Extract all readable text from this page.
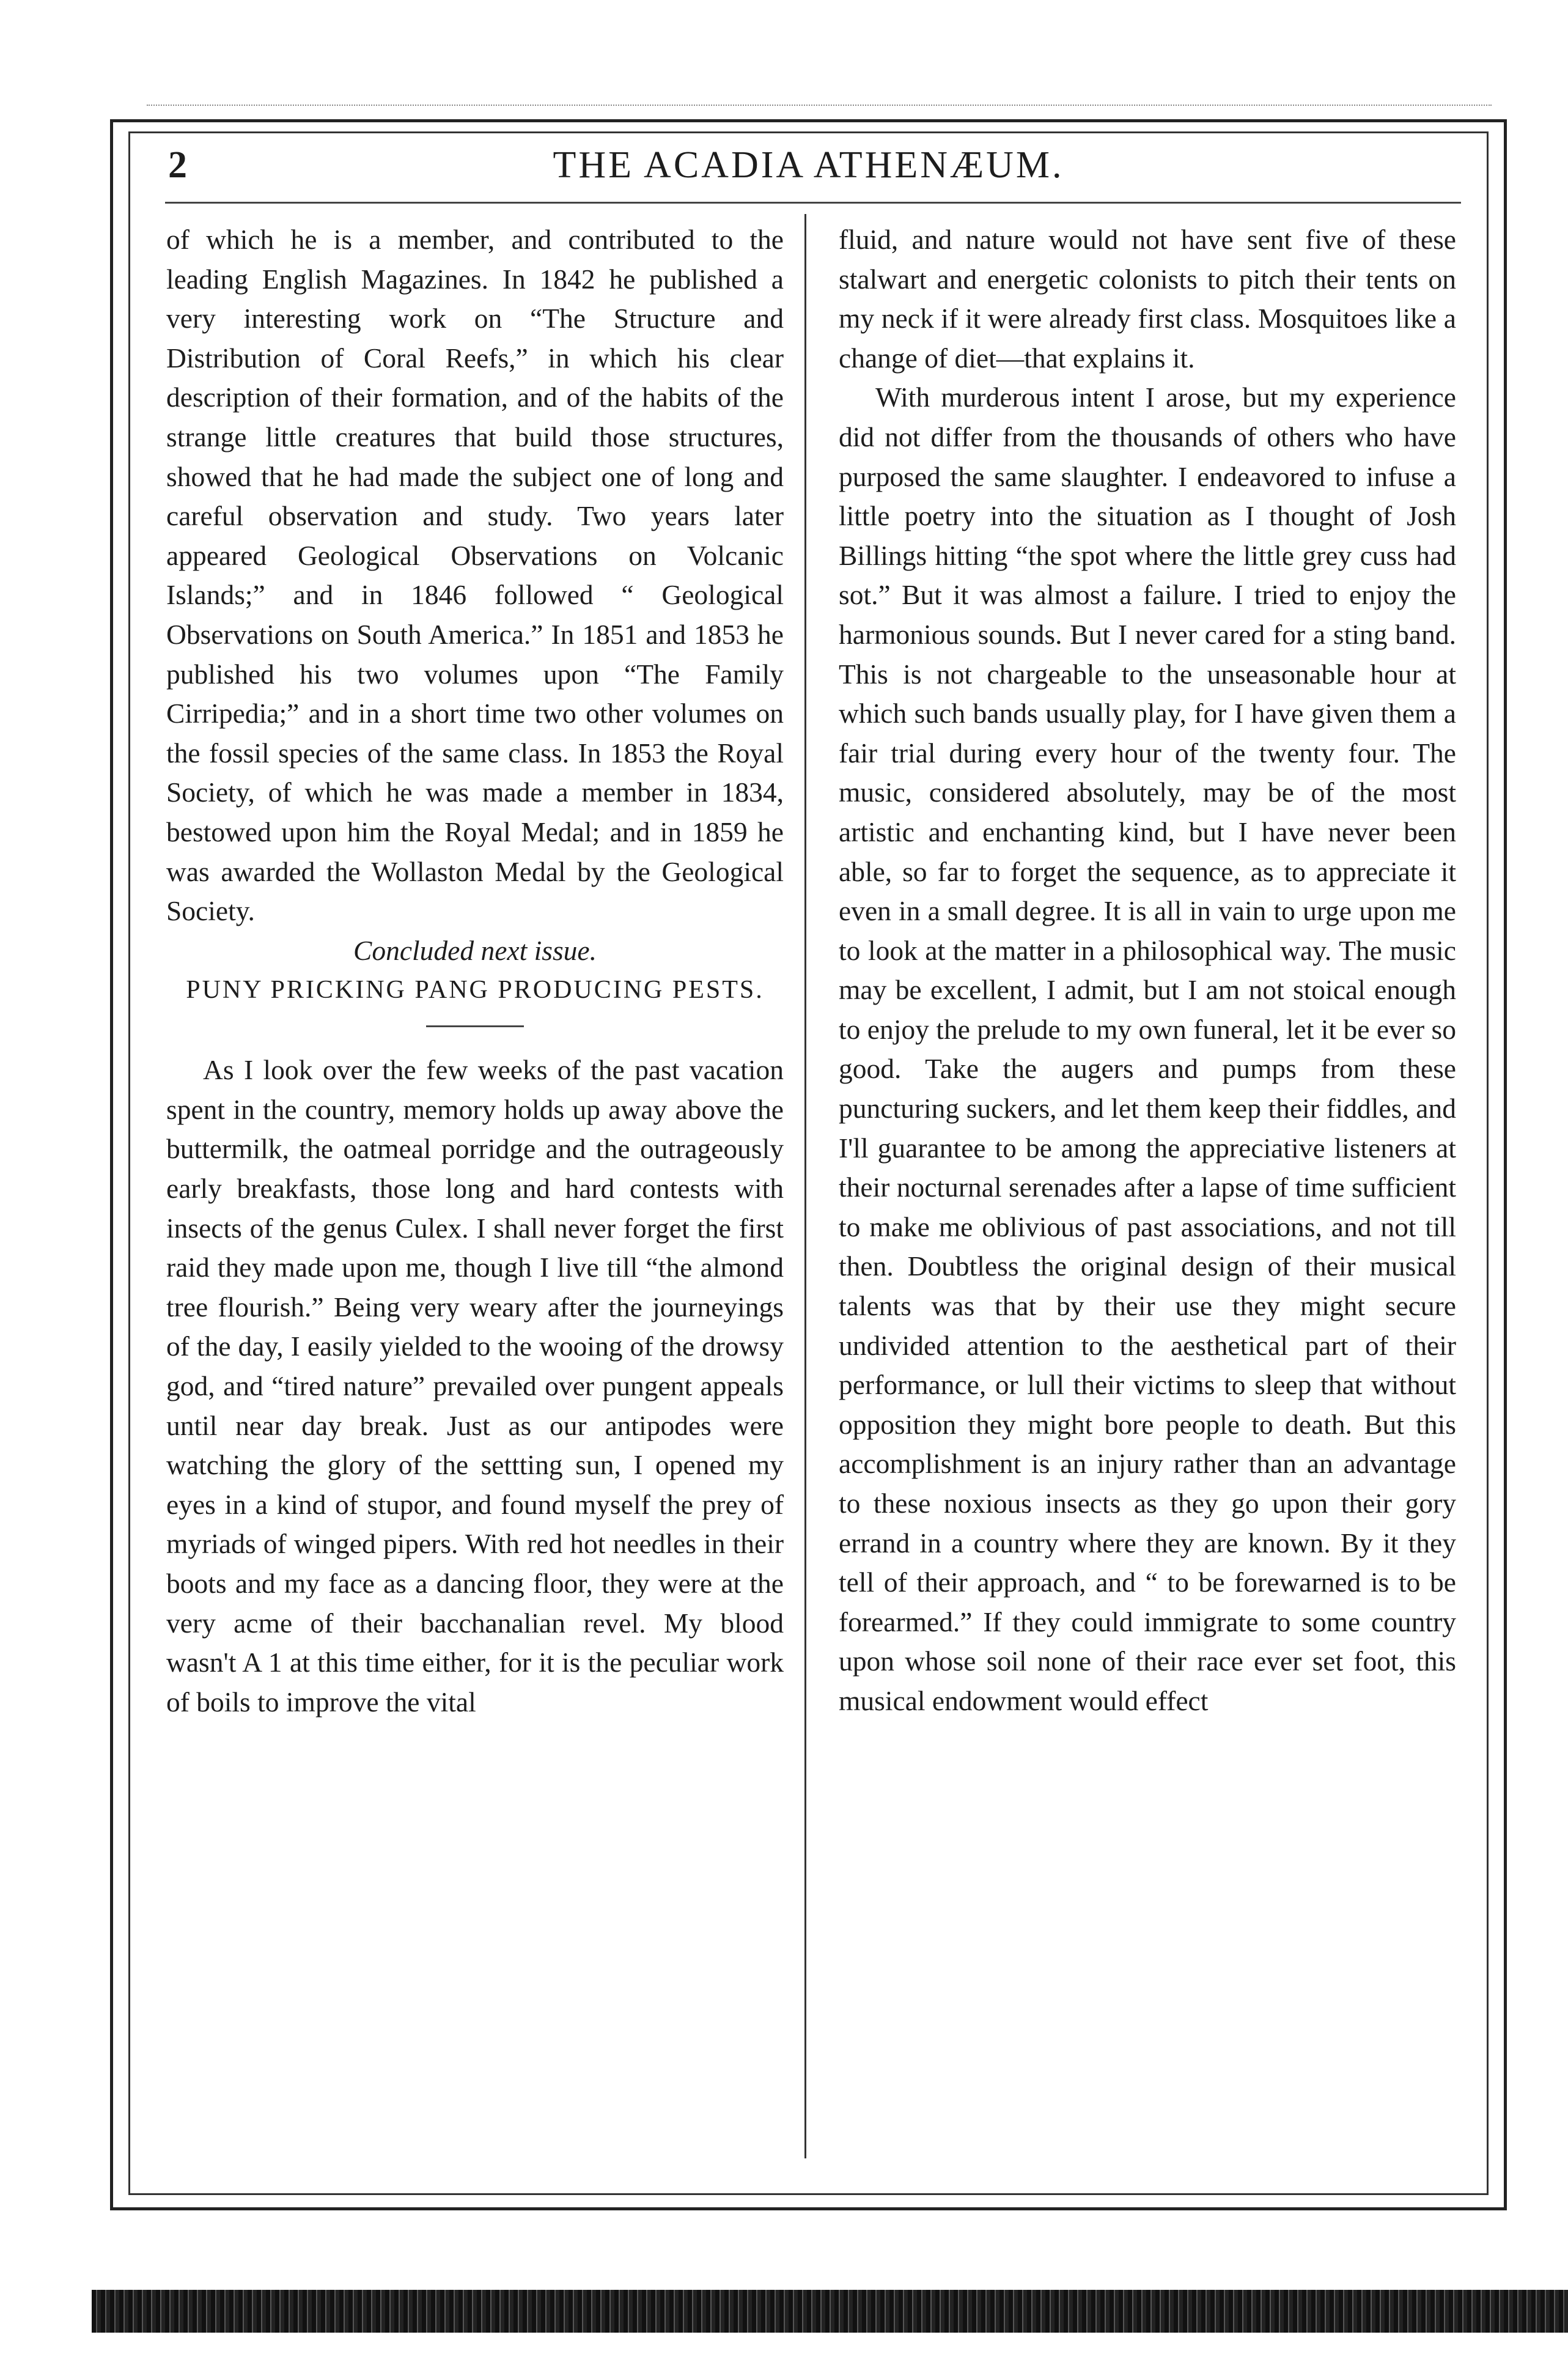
2	THE ACADIA ATHENÆUM.

of which he is a member, and contributed to the leading English Magazines. In 1842 he published a very interesting work on “The Structure and Distribution of Coral Reefs,” in which his clear description of their formation, and of the habits of the strange little creatures that build those structures, showed that he had made the subject one of long and careful observation and study. Two years later appeared Geological Observations on Volcanic Islands;” and in 1846 followed “ Geological Observations on South America.” In 1851 and 1853 he published his two volumes upon “The Family Cirripedia;” and in a short time two other volumes on the fossil species of the same class. In 1853 the Royal Society, of which he was made a member in 1834, bestowed upon him the Royal Medal; and in 1859 he was awarded the Wollaston Medal by the Geological Society.

Concluded next issue.

PUNY PRICKING PANG PRODUCING PESTS.

As I look over the few weeks of the past vacation spent in the country, memory holds up away above the buttermilk, the oatmeal porridge and the outrageously early breakfasts, those long and hard contests with insects of the genus Culex. I shall never forget the first raid they made upon me, though I live till “the almond tree flourish.” Being very weary after the journeyings of the day, I easily yielded to the wooing of the drowsy god, and “tired nature” prevailed over pungent appeals until near day break. Just as our antipodes were watching the glory of the settting sun, I opened my eyes in a kind of stupor, and found myself the prey of myriads of winged pipers. With red hot needles in their boots and my face as a dancing floor, they were at the very acme of their bacchanalian revel. My blood wasn't A 1 at this time either, for it is the peculiar work of boils to improve the vital

fluid, and nature would not have sent five of these stalwart and energetic colonists to pitch their tents on my neck if it were already first class. Mosquitoes like a change of diet—that explains it.

With murderous intent I arose, but my experience did not differ from the thousands of others who have purposed the same slaughter. I endeavored to infuse a little poetry into the situation as I thought of Josh Billings hitting “the spot where the little grey cuss had sot.” But it was almost a failure. I tried to enjoy the harmonious sounds. But I never cared for a sting band. This is not chargeable to the unseasonable hour at which such bands usually play, for I have given them a fair trial during every hour of the twenty four. The music, considered absolutely, may be of the most artistic and enchanting kind, but I have never been able, so far to forget the sequence, as to appreciate it even in a small degree. It is all in vain to urge upon me to look at the matter in a philosophical way. The music may be excellent, I admit, but I am not stoical enough to enjoy the prelude to my own funeral, let it be ever so good. Take the augers and pumps from these puncturing suckers, and let them keep their fiddles, and I'll guarantee to be among the appreciative listeners at their nocturnal serenades after a lapse of time sufficient to make me oblivious of past associations, and not till then. Doubtless the original design of their musical talents was that by their use they might secure undivided attention to the aesthetical part of their performance, or lull their victims to sleep that without opposition they might bore people to death. But this accomplishment is an injury rather than an advantage to these noxious insects as they go upon their gory errand in a country where they are known. By it they tell of their approach, and “ to be forewarned is to be forearmed.” If they could immigrate to some country upon whose soil none of their race ever set foot, this musical endowment would effect
